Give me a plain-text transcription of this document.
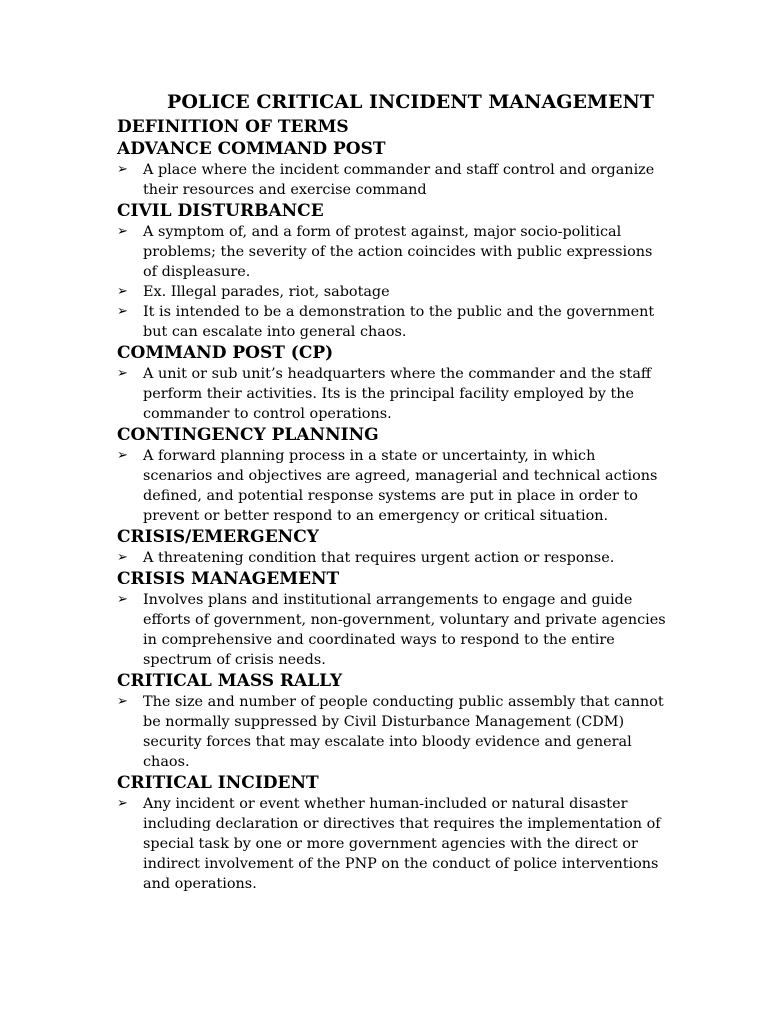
POLICE CRITICAL INCIDENT MANAGEMENT
DEFINITION OF TERMS
ADVANCE COMMAND POST
➢ A place where the incident commander and staff control and organize their resources and exercise command
CIVIL DISTURBANCE
➢ A symptom of, and a form of protest against, major socio-political problems; the severity of the action coincides with public expressions of displeasure.
➢ Ex. Illegal parades, riot, sabotage
➢ It is intended to be a demonstration to the public and the government but can escalate into general chaos.
COMMAND POST (CP)
➢ A unit or sub unit’s headquarters where the commander and the staff perform their activities. Its is the principal facility employed by the commander to control operations.
CONTINGENCY PLANNING
➢ A forward planning process in a state or uncertainty, in which scenarios and objectives are agreed, managerial and technical actions defined, and potential response systems are put in place in order to prevent or better respond to an emergency or critical situation.
CRISIS/EMERGENCY
➢ A threatening condition that requires urgent action or response.
CRISIS MANAGEMENT
➢ Involves plans and institutional arrangements to engage and guide efforts of government, non-government, voluntary and private agencies in comprehensive and coordinated ways to respond to the entire spectrum of crisis needs.
CRITICAL MASS RALLY
➢ The size and number of people conducting public assembly that cannot be normally suppressed by Civil Disturbance Management (CDM) security forces that may escalate into bloody evidence and general chaos.
CRITICAL INCIDENT
➢ Any incident or event whether human-included or natural disaster including declaration or directives that requires the implementation of special task by one or more government agencies with the direct or indirect involvement of the PNP on the conduct of police interventions and operations.
